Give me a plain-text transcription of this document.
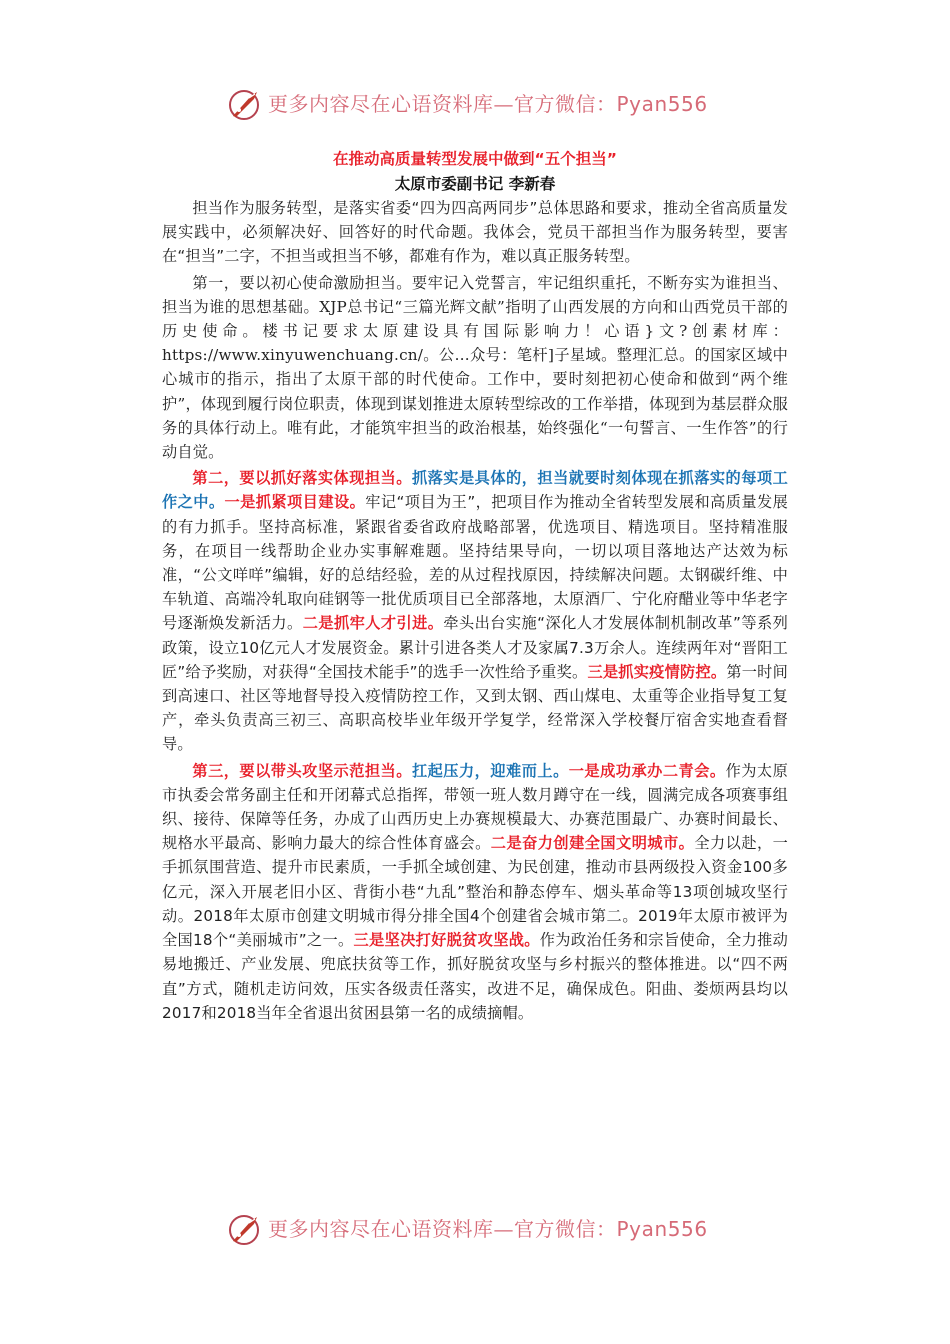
更多内容尽在心语资料库—官方微信：Pyan556
在推动高质量转型发展中做到“五个担当”
太原市委副书记 李新春

担当作为服务转型，是落实省委“四为四高两同步”总体思路和要求，推动全省高质量发展实践中，必须解决好、回答好的时代命题。我体会，党员干部担当作为服务转型，要害在“担当”二字，不担当或担当不够，都难有作为，难以真正服务转型。

第一，要以初心使命激励担当。要牢记入党誓言，牢记组织重托，不断夯实为谁担当、担当为谁的思想基础。XJP总书记“三篇光辉文献”指明了山西发展的方向和山西党员干部的历史使命。楼书记要求太原建设具有国际影响力！心语}文?创素材库：https://www.xinyuwenchuang.cn/。公…众号：笔杆]子星域。整理汇总。的国家区域中心城市的指示，指出了太原干部的时代使命。工作中，要时刻把初心使命和做到“两个维护”，体现到履行岗位职责，体现到谋划推进太原转型综改的工作举措，体现到为基层群众服务的具体行动上。唯有此，才能筑牢担当的政治根基，始终强化“一句誓言、一生作答”的行动自觉。

第二，要以抓好落实体现担当。抓落实是具体的，担当就要时刻体现在抓落实的每项工作之中。一是抓紧项目建设。牢记“项目为王”，把项目作为推动全省转型发展和高质量发展的有力抓手。坚持高标准，紧跟省委省政府战略部署，优选项目、精选项目。坚持精准服务，在项目一线帮助企业办实事解难题。坚持结果导向，一切以项目落地达产达效为标准，“公文咩咩”编辑，好的总结经验，差的从过程找原因，持续解决问题。太钢碳纤维、中车轨道、高端冷轧取向硅钢等一批优质项目已全部落地，太原酒厂、宁化府醋业等中华老字号逐渐焕发新活力。二是抓牢人才引进。牵头出台实施“深化人才发展体制机制改革”等系列政策，设立10亿元人才发展资金。累计引进各类人才及家属7.3万余人。连续两年对“晋阳工匠”给予奖励，对获得“全国技术能手”的选手一次性给予重奖。三是抓实疫情防控。第一时间到高速口、社区等地督导投入疫情防控工作，又到太钢、西山煤电、太重等企业指导复工复产，牵头负责高三初三、高职高校毕业年级开学复学，经常深入学校餐厅宿舍实地查看督导。

第三，要以带头攻坚示范担当。扛起压力，迎难而上。一是成功承办二青会。作为太原市执委会常务副主任和开闭幕式总指挥，带领一班人数月蹲守在一线，圆满完成各项赛事组织、接待、保障等任务，办成了山西历史上办赛规模最大、办赛范围最广、办赛时间最长、规格水平最高、影响力最大的综合性体育盛会。二是奋力创建全国文明城市。全力以赴，一手抓氛围营造、提升市民素质，一手抓全域创建、为民创建，推动市县两级投入资金100多亿元，深入开展老旧小区、背街小巷“九乱”整治和静态停车、烟头革命等13项创城攻坚行动。2018年太原市创建文明城市得分排全国4个创建省会城市第二。2019年太原市被评为全国18个“美丽城市”之一。三是坚决打好脱贫攻坚战。作为政治任务和宗旨使命，全力推动易地搬迁、产业发展、兜底扶贫等工作，抓好脱贫攻坚与乡村振兴的整体推进。以“四不两直”方式，随机走访问效，压实各级责任落实，改进不足，确保成色。阳曲、娄烦两县均以2017和2018当年全省退出贫困县第一名的成绩摘帽。

更多内容尽在心语资料库—官方微信：Pyan556
